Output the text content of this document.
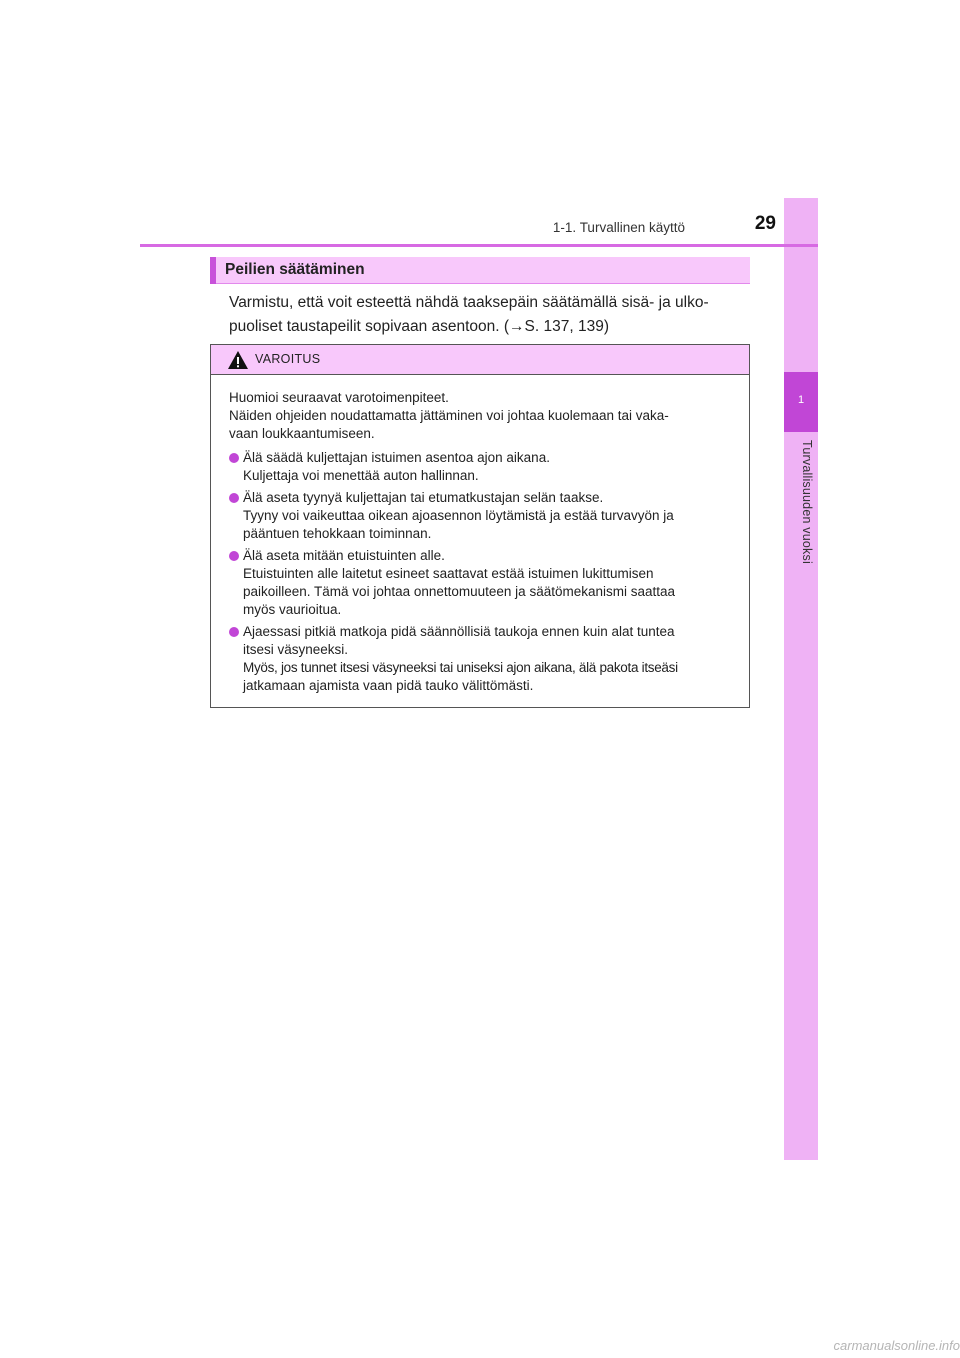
1
Turvallisuuden vuoksi
1-1. Turvallinen käyttö	29
Peilien säätäminen

Varmistu, että voit esteettä nähdä taaksepäin säätämällä sisä- ja ulko-

puoliset taustapeilit sopivaan asentoon. (→S. 137, 139)

VAROITUS

Huomioi seuraavat varotoimenpiteet.

Näiden ohjeiden noudattamatta jättäminen voi johtaa kuolemaan tai vaka-

vaan loukkaantumiseen.

Älä säädä kuljettajan istuimen asentoa ajon aikana.

Kuljettaja voi menettää auton hallinnan.

Älä aseta tyynyä kuljettajan tai etumatkustajan selän taakse.

Tyyny voi vaikeuttaa oikean ajoasennon löytämistä ja estää turvavyön ja

pääntuen tehokkaan toiminnan.

Älä aseta mitään etuistuinten alle.

Etuistuinten alle laitetut esineet saattavat estää istuimen lukittumisen

paikoilleen. Tämä voi johtaa onnettomuuteen ja säätömekanismi saattaa

myös vaurioitua.

Ajaessasi pitkiä matkoja pidä säännöllisiä taukoja ennen kuin alat tuntea

itsesi väsyneeksi.

Myös, jos tunnet itsesi väsyneeksi tai uniseksi ajon aikana, älä pakota itseäsi

jatkamaan ajamista vaan pidä tauko välittömästi.

carmanualsonline.info
